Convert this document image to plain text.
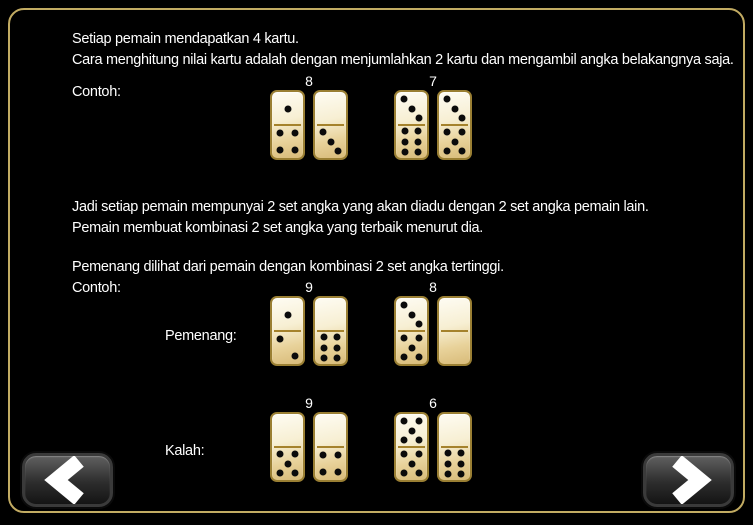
Setiap pemain mendapatkan 4 kartu.
Cara menghitung nilai kartu adalah dengan menjumlahkan 2 kartu dan mengambil angka belakangnya saja.
Contoh:
8	7
Jadi setiap pemain mempunyai 2 set angka yang akan diadu dengan 2 set angka pemain lain.
Pemain membuat kombinasi 2 set angka yang terbaik menurut dia.
Pemenang dilihat dari pemain dengan kombinasi 2 set angka tertinggi.
Contoh:
Pemenang:
9	8
Kalah:
9	6
